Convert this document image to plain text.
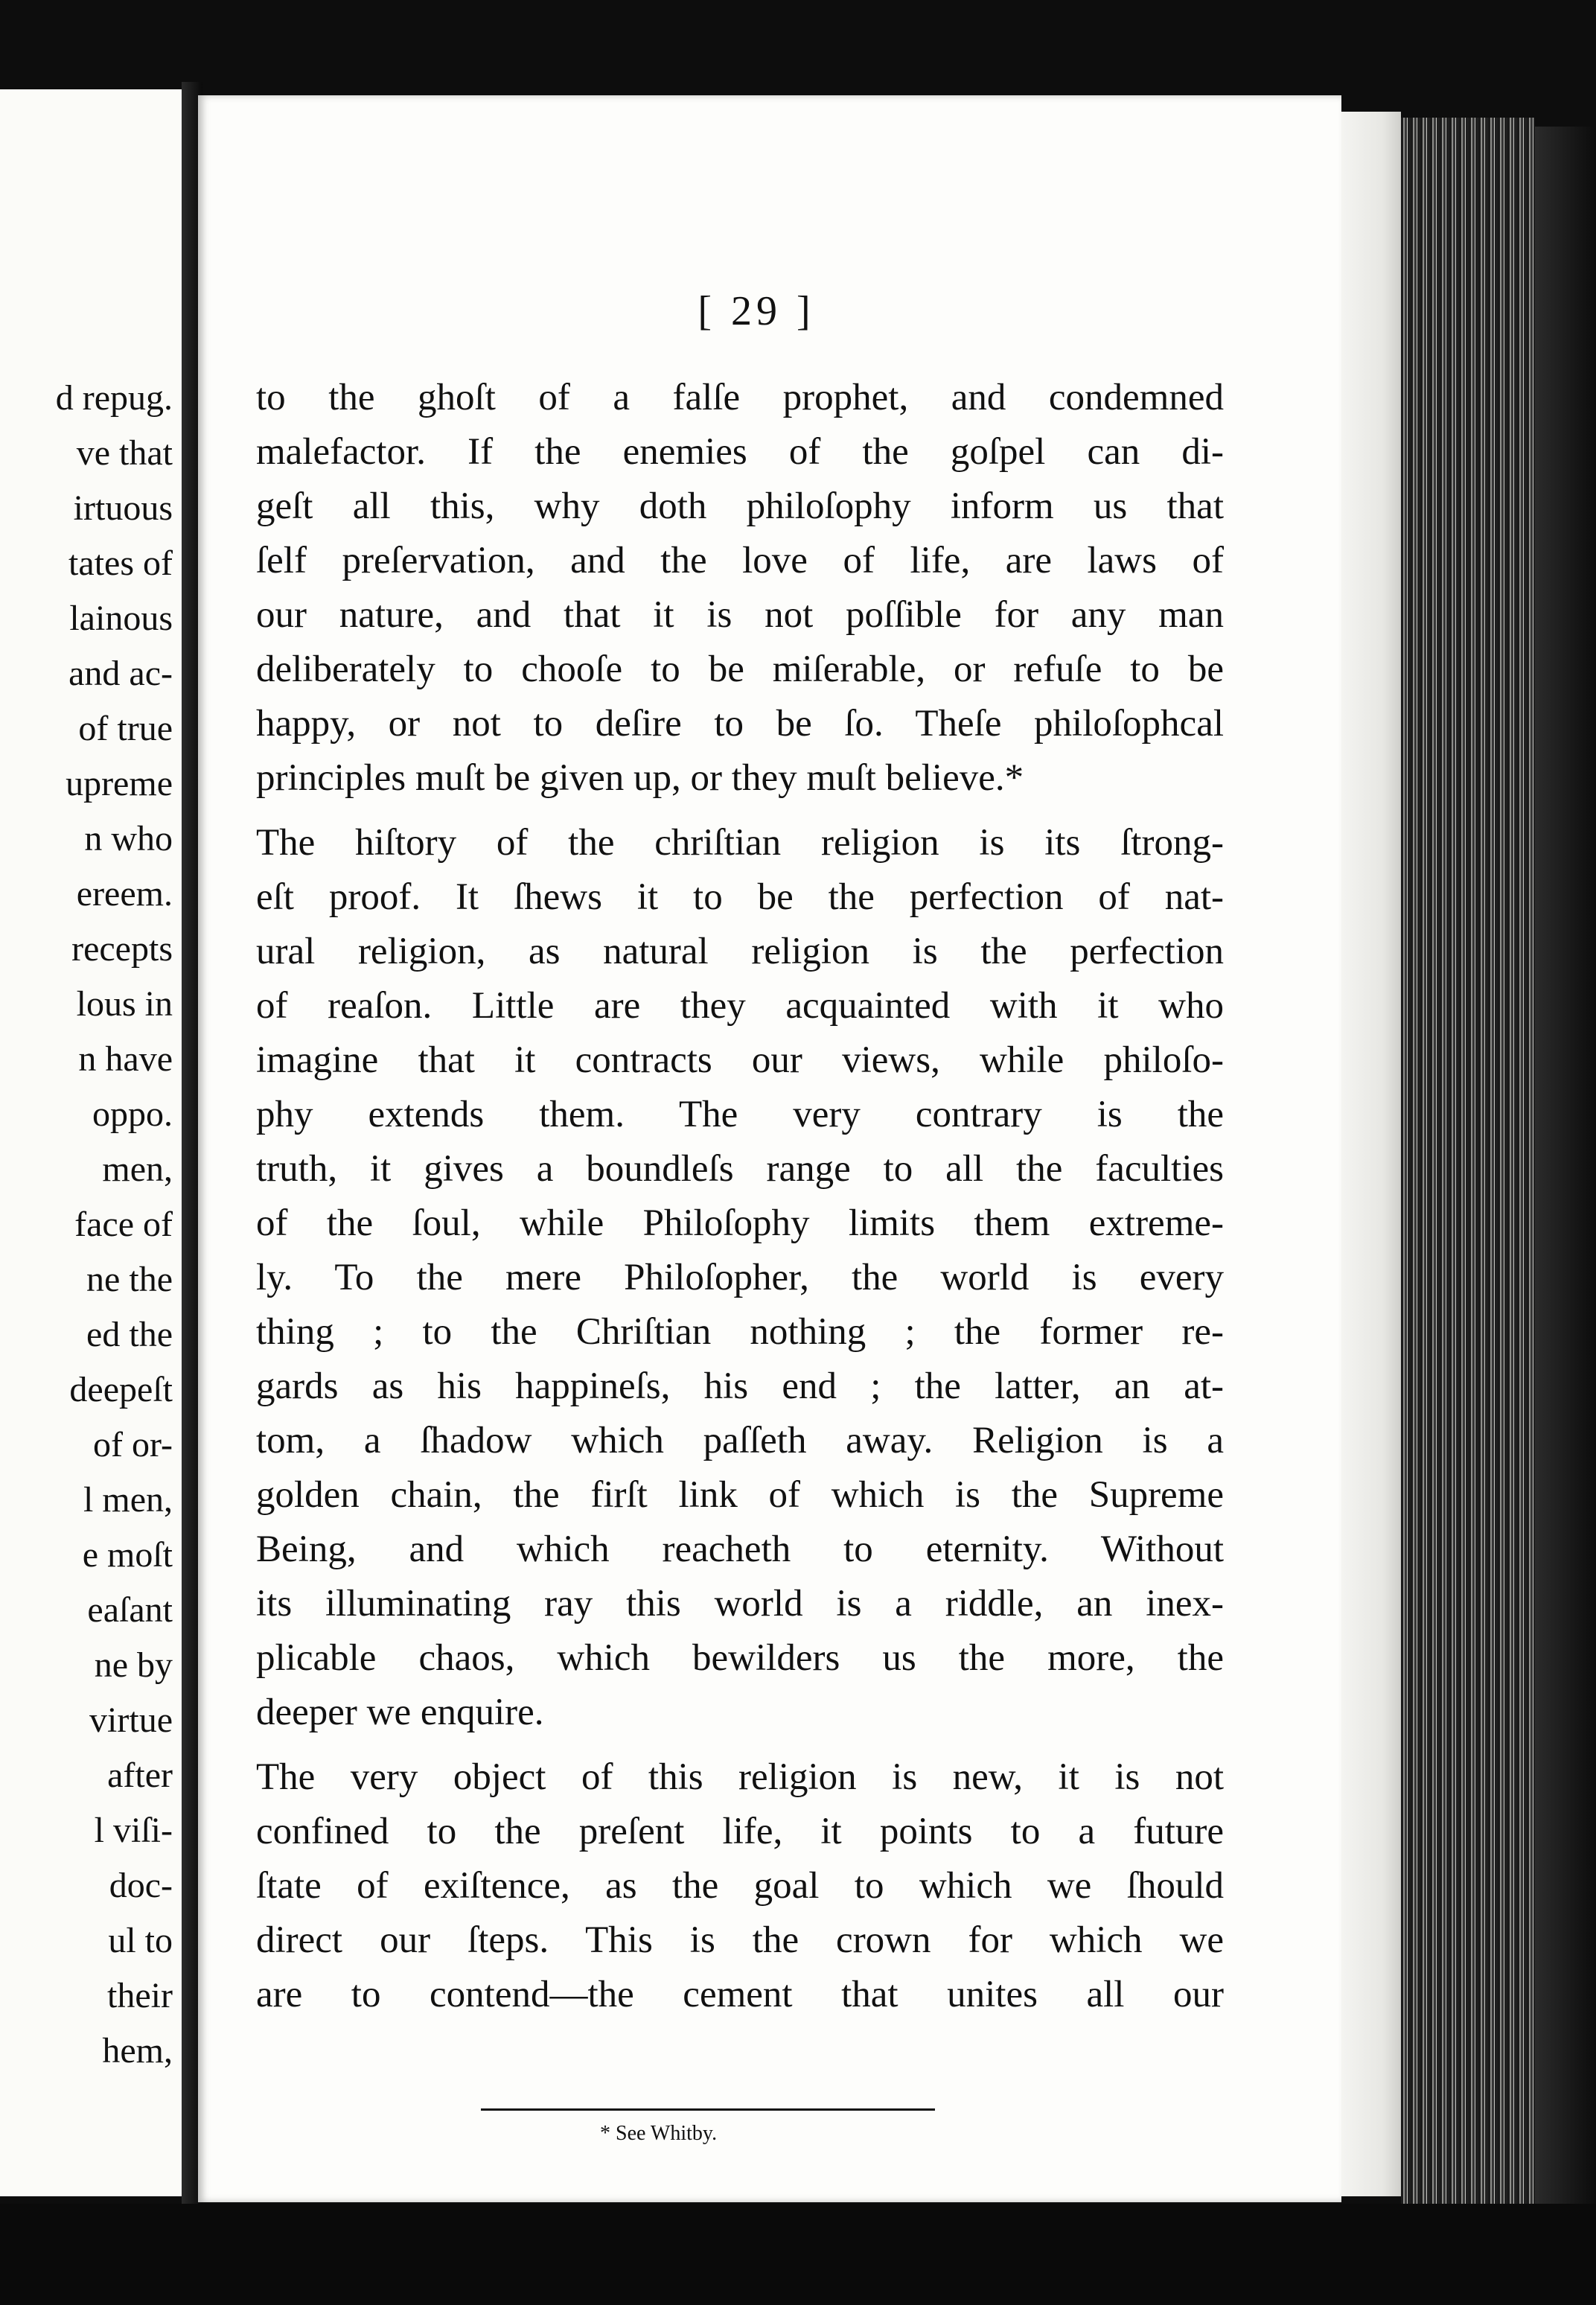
d repug.
ve that
irtuous
tates of
lainous
and ac-
of true
upreme
n who
ereem.
recepts
lous in
n have
oppo.
men,
face of
ne the
ed the
deepeſt
of or-
l men,
e moſt
eaſant
ne by
virtue
after
l viſi-
doc-
ul to
their
hem,
[ 29 ]
to the ghoſt of a falſe prophet, and condemned
malefactor. If the enemies of the goſpel can di-
geſt all this, why doth philoſophy inform us that
ſelf preſervation, and the love of life, are laws of
our nature, and that it is not poſſible for any man
deliberately to chooſe to be miſerable, or refuſe to be
happy, or not to deſire to be ſo. Theſe philoſophcal
principles muſt be given up, or they muſt believe.*
The hiſtory of the chriſtian religion is its ſtrong-
eſt proof. It ſhews it to be the perfection of nat-
ural religion, as natural religion is the perfection
of reaſon. Little are they acquainted with it who
imagine that it contracts our views, while philoſo-
phy extends them. The very contrary is the
truth, it gives a boundleſs range to all the faculties
of the ſoul, while Philoſophy limits them extreme-
ly. To the mere Philoſopher, the world is every
thing ; to the Chriſtian nothing ; the former re-
gards as his happineſs, his end ; the latter, an at-
tom, a ſhadow which paſſeth away. Religion is a
golden chain, the firſt link of which is the Supreme
Being, and which reacheth to eternity. Without
its illuminating ray this world is a riddle, an inex-
plicable chaos, which bewilders us the more, the
deeper we enquire.
The very object of this religion is new, it is not
confined to the preſent life, it points to a future
ſtate of exiſtence, as the goal to which we ſhould
direct our ſteps. This is the crown for which we
are to contend—the cement that unites all our
* See Whitby.
